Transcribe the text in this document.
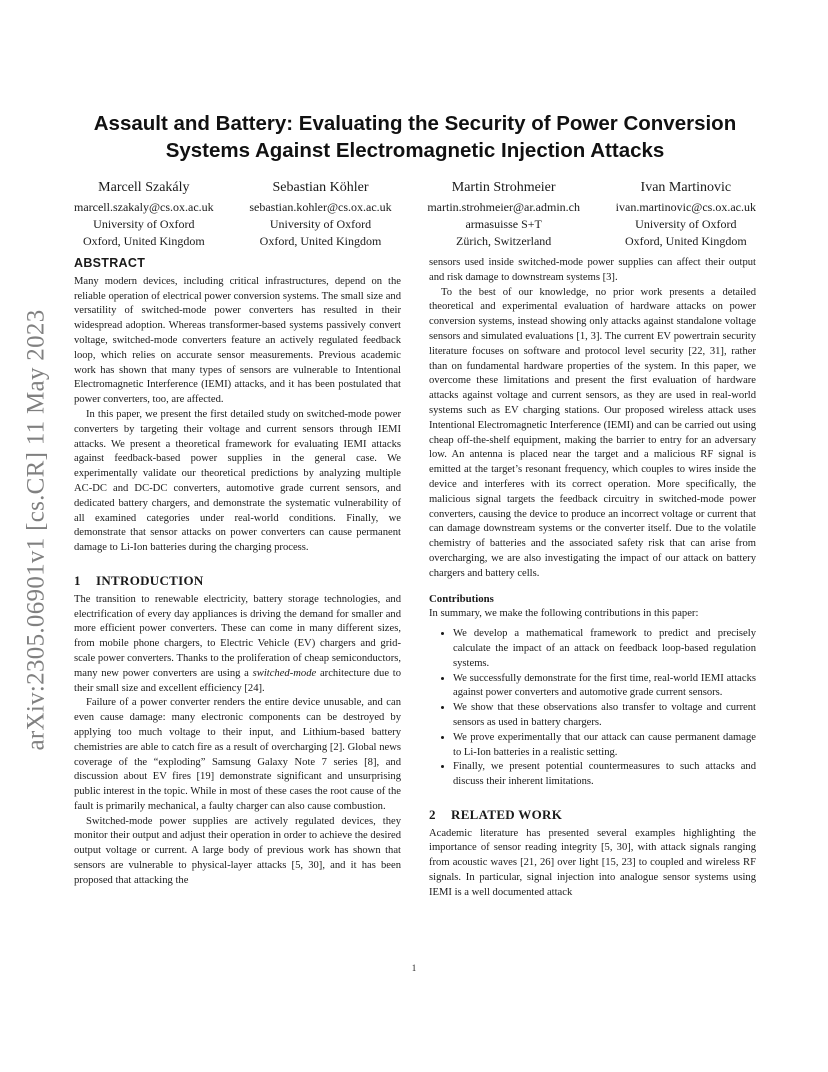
arXiv:2305.06901v1 [cs.CR] 11 May 2023
Assault and Battery: Evaluating the Security of Power Conversion Systems Against Electromagnetic Injection Attacks
Marcell Szakály
marcell.szakaly@cs.ox.ac.uk
University of Oxford
Oxford, United Kingdom
Sebastian Köhler
sebastian.kohler@cs.ox.ac.uk
University of Oxford
Oxford, United Kingdom
Martin Strohmeier
martin.strohmeier@ar.admin.ch
armasuisse S+T
Zürich, Switzerland
Ivan Martinovic
ivan.martinovic@cs.ox.ac.uk
University of Oxford
Oxford, United Kingdom
ABSTRACT

Many modern devices, including critical infrastructures, depend on the reliable operation of electrical power conversion systems. The small size and versatility of switched-mode power converters has resulted in their widespread adoption. Whereas transformer-based systems passively convert voltage, switched-mode converters feature an actively regulated feedback loop, which relies on accurate sensor measurements. Previous academic work has shown that many types of sensors are vulnerable to Intentional Electromagnetic Interference (IEMI) attacks, and it has been postulated that power converters, too, are affected.

In this paper, we present the first detailed study on switched-mode power converters by targeting their voltage and current sensors through IEMI attacks. We present a theoretical framework for evaluating IEMI attacks against feedback-based power supplies in the general case. We experimentally validate our theoretical predictions by analyzing multiple AC-DC and DC-DC converters, automotive grade current sensors, and dedicated battery chargers, and demonstrate the systematic vulnerability of all examined categories under real-world conditions. Finally, we demonstrate that sensor attacks on power converters can cause permanent damage to Li-Ion batteries during the charging process.

1 INTRODUCTION

The transition to renewable electricity, battery storage technologies, and electrification of every day appliances is driving the demand for smaller and more efficient power converters. These can come in many different sizes, from mobile phone chargers, to Electric Vehicle (EV) chargers and grid-scale power converters. Thanks to the proliferation of cheap semiconductors, many new power converters are using a switched-mode architecture due to their small size and excellent efficiency [24].

Failure of a power converter renders the entire device unusable, and can even cause damage: many electronic components can be destroyed by applying too much voltage to their input, and Lithium-based battery chemistries are able to catch fire as a result of overcharging [2]. Global news coverage of the “exploding” Samsung Galaxy Note 7 series [8], and discussion about EV fires [19] demonstrate significant and unsurprising public interest in the topic. While in most of these cases the root cause of the fault is primarily mechanical, a faulty charger can also cause combustion.

Switched-mode power supplies are actively regulated devices, they monitor their output and adjust their operation in order to achieve the desired output voltage or current. A large body of previous work has shown that sensors are vulnerable to physical-layer attacks [5, 30], and it has been proposed that attacking the

sensors used inside switched-mode power supplies can affect their output and risk damage to downstream systems [3].

To the best of our knowledge, no prior work presents a detailed theoretical and experimental evaluation of hardware attacks on power conversion systems, instead showing only attacks against standalone voltage sensors and simulated evaluations [1, 3]. The current EV powertrain security literature focuses on software and protocol level security [22, 31], rather than on fundamental hardware properties of the system. In this paper, we overcome these limitations and present the first evaluation of hardware attacks against voltage and current sensors, as they are used in real-world systems such as EV charging stations. Our proposed wireless attack uses Intentional Electromagnetic Interference (IEMI) and can be carried out using cheap off-the-shelf equipment, making the barrier to entry for an adversary low. An antenna is placed near the target and a malicious RF signal is emitted at the target’s resonant frequency, which couples to wires inside the device and interferes with its correct operation. More specifically, the malicious signal targets the feedback circuitry in switched-mode power converters, causing the device to produce an incorrect voltage or current that can damage downstream systems or the converter itself. Due to the volatile chemistry of batteries and the associated safety risk that can arise from overcharging, we are also investigating the impact of our attack on battery chargers and battery cells.

Contributions

In summary, we make the following contributions in this paper:

• We develop a mathematical framework to predict and precisely calculate the impact of an attack on feedback loop-based regulation systems.
• We successfully demonstrate for the first time, real-world IEMI attacks against power converters and automotive grade current sensors.
• We show that these observations also transfer to voltage and current sensors as used in battery chargers.
• We prove experimentally that our attack can cause permanent damage to Li-Ion batteries in a realistic setting.
• Finally, we present potential countermeasures to such attacks and discuss their inherent limitations.
2 RELATED WORK

Academic literature has presented several examples highlighting the importance of sensor reading integrity [5, 30], with attack signals ranging from acoustic waves [21, 26] over light [15, 23] to coupled and wireless RF signals. In particular, signal injection into analogue sensor systems using IEMI is a well documented attack

1
